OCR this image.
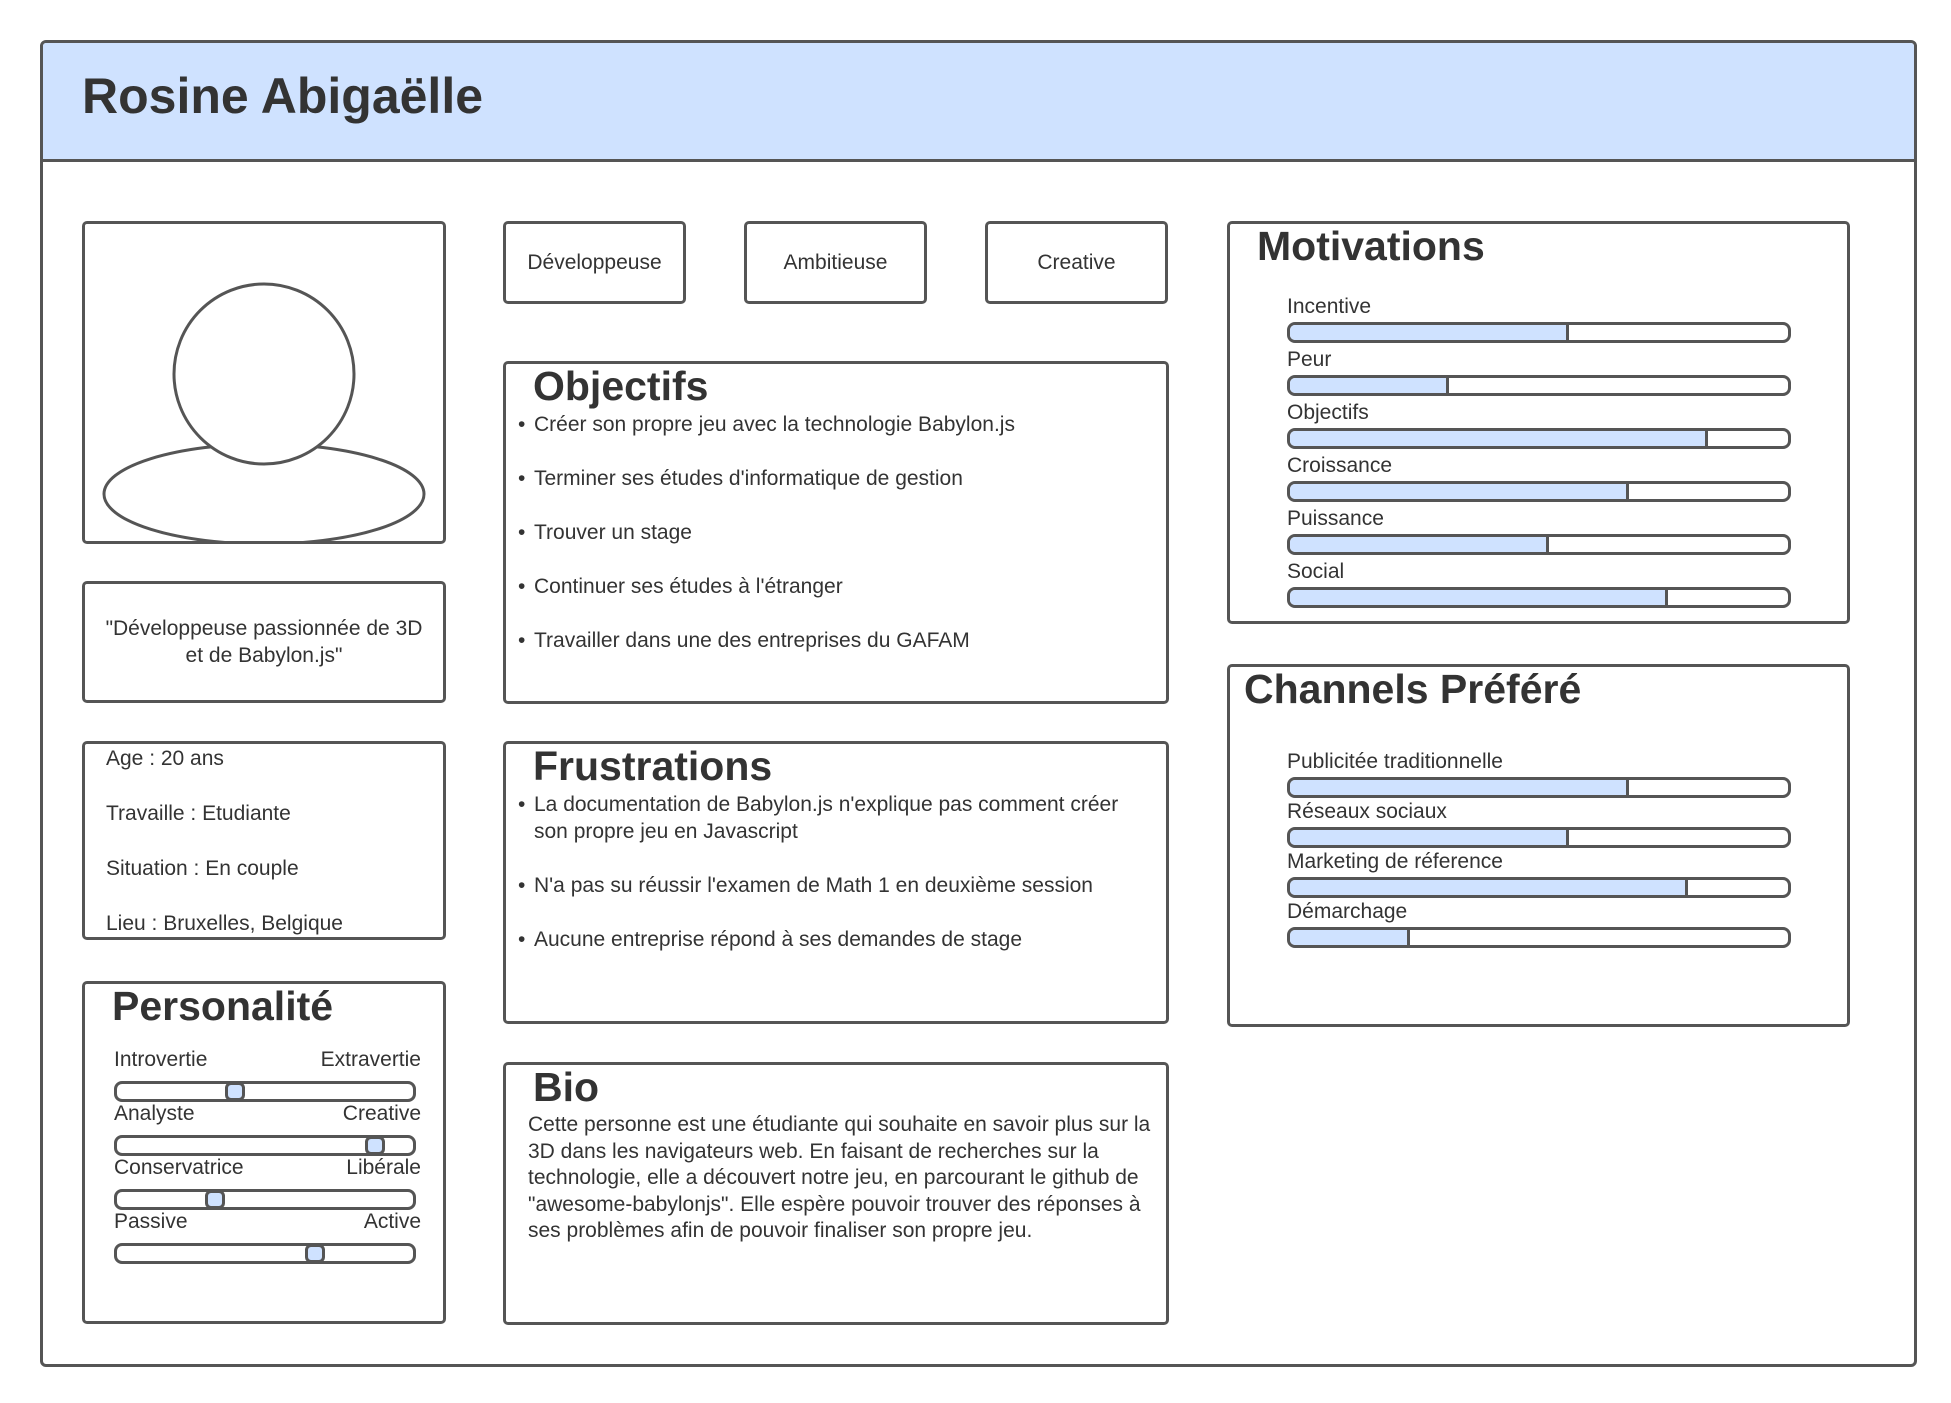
Rosine Abigaëlle
"Développeuse passionnée de 3D et de Babylon.js"
Age : 20 ans
Travaille : Etudiante
Situation : En couple
Lieu : Bruxelles, Belgique
Personalité
Introvertie	Extravertie
Analyste	Creative
Conservatrice	Libérale
Passive	Active
Développeuse	Ambitieuse	Creative
Objectifs
• Créer son propre jeu avec la technologie Babylon.js
• Terminer ses études d'informatique de gestion
• Trouver un stage
• Continuer ses études à l'étranger
• Travailler dans une des entreprises du GAFAM
Frustrations
• La documentation de Babylon.js n'explique pas comment créer son propre jeu en Javascript
• N'a pas su réussir l'examen de Math 1 en deuxième session
• Aucune entreprise répond à ses demandes de stage
Bio
Cette personne est une étudiante qui souhaite en savoir plus sur la 3D dans les navigateurs web. En faisant de recherches sur la technologie, elle a découvert notre jeu, en parcourant le github de "awesome-babylonjs". Elle espère pouvoir trouver des réponses à ses problèmes afin de pouvoir finaliser son propre jeu.
Motivations
Incentive
Peur
Objectifs
Croissance
Puissance
Social
Channels Préféré
Publicitée traditionnelle
Réseaux sociaux
Marketing de réference
Démarchage
